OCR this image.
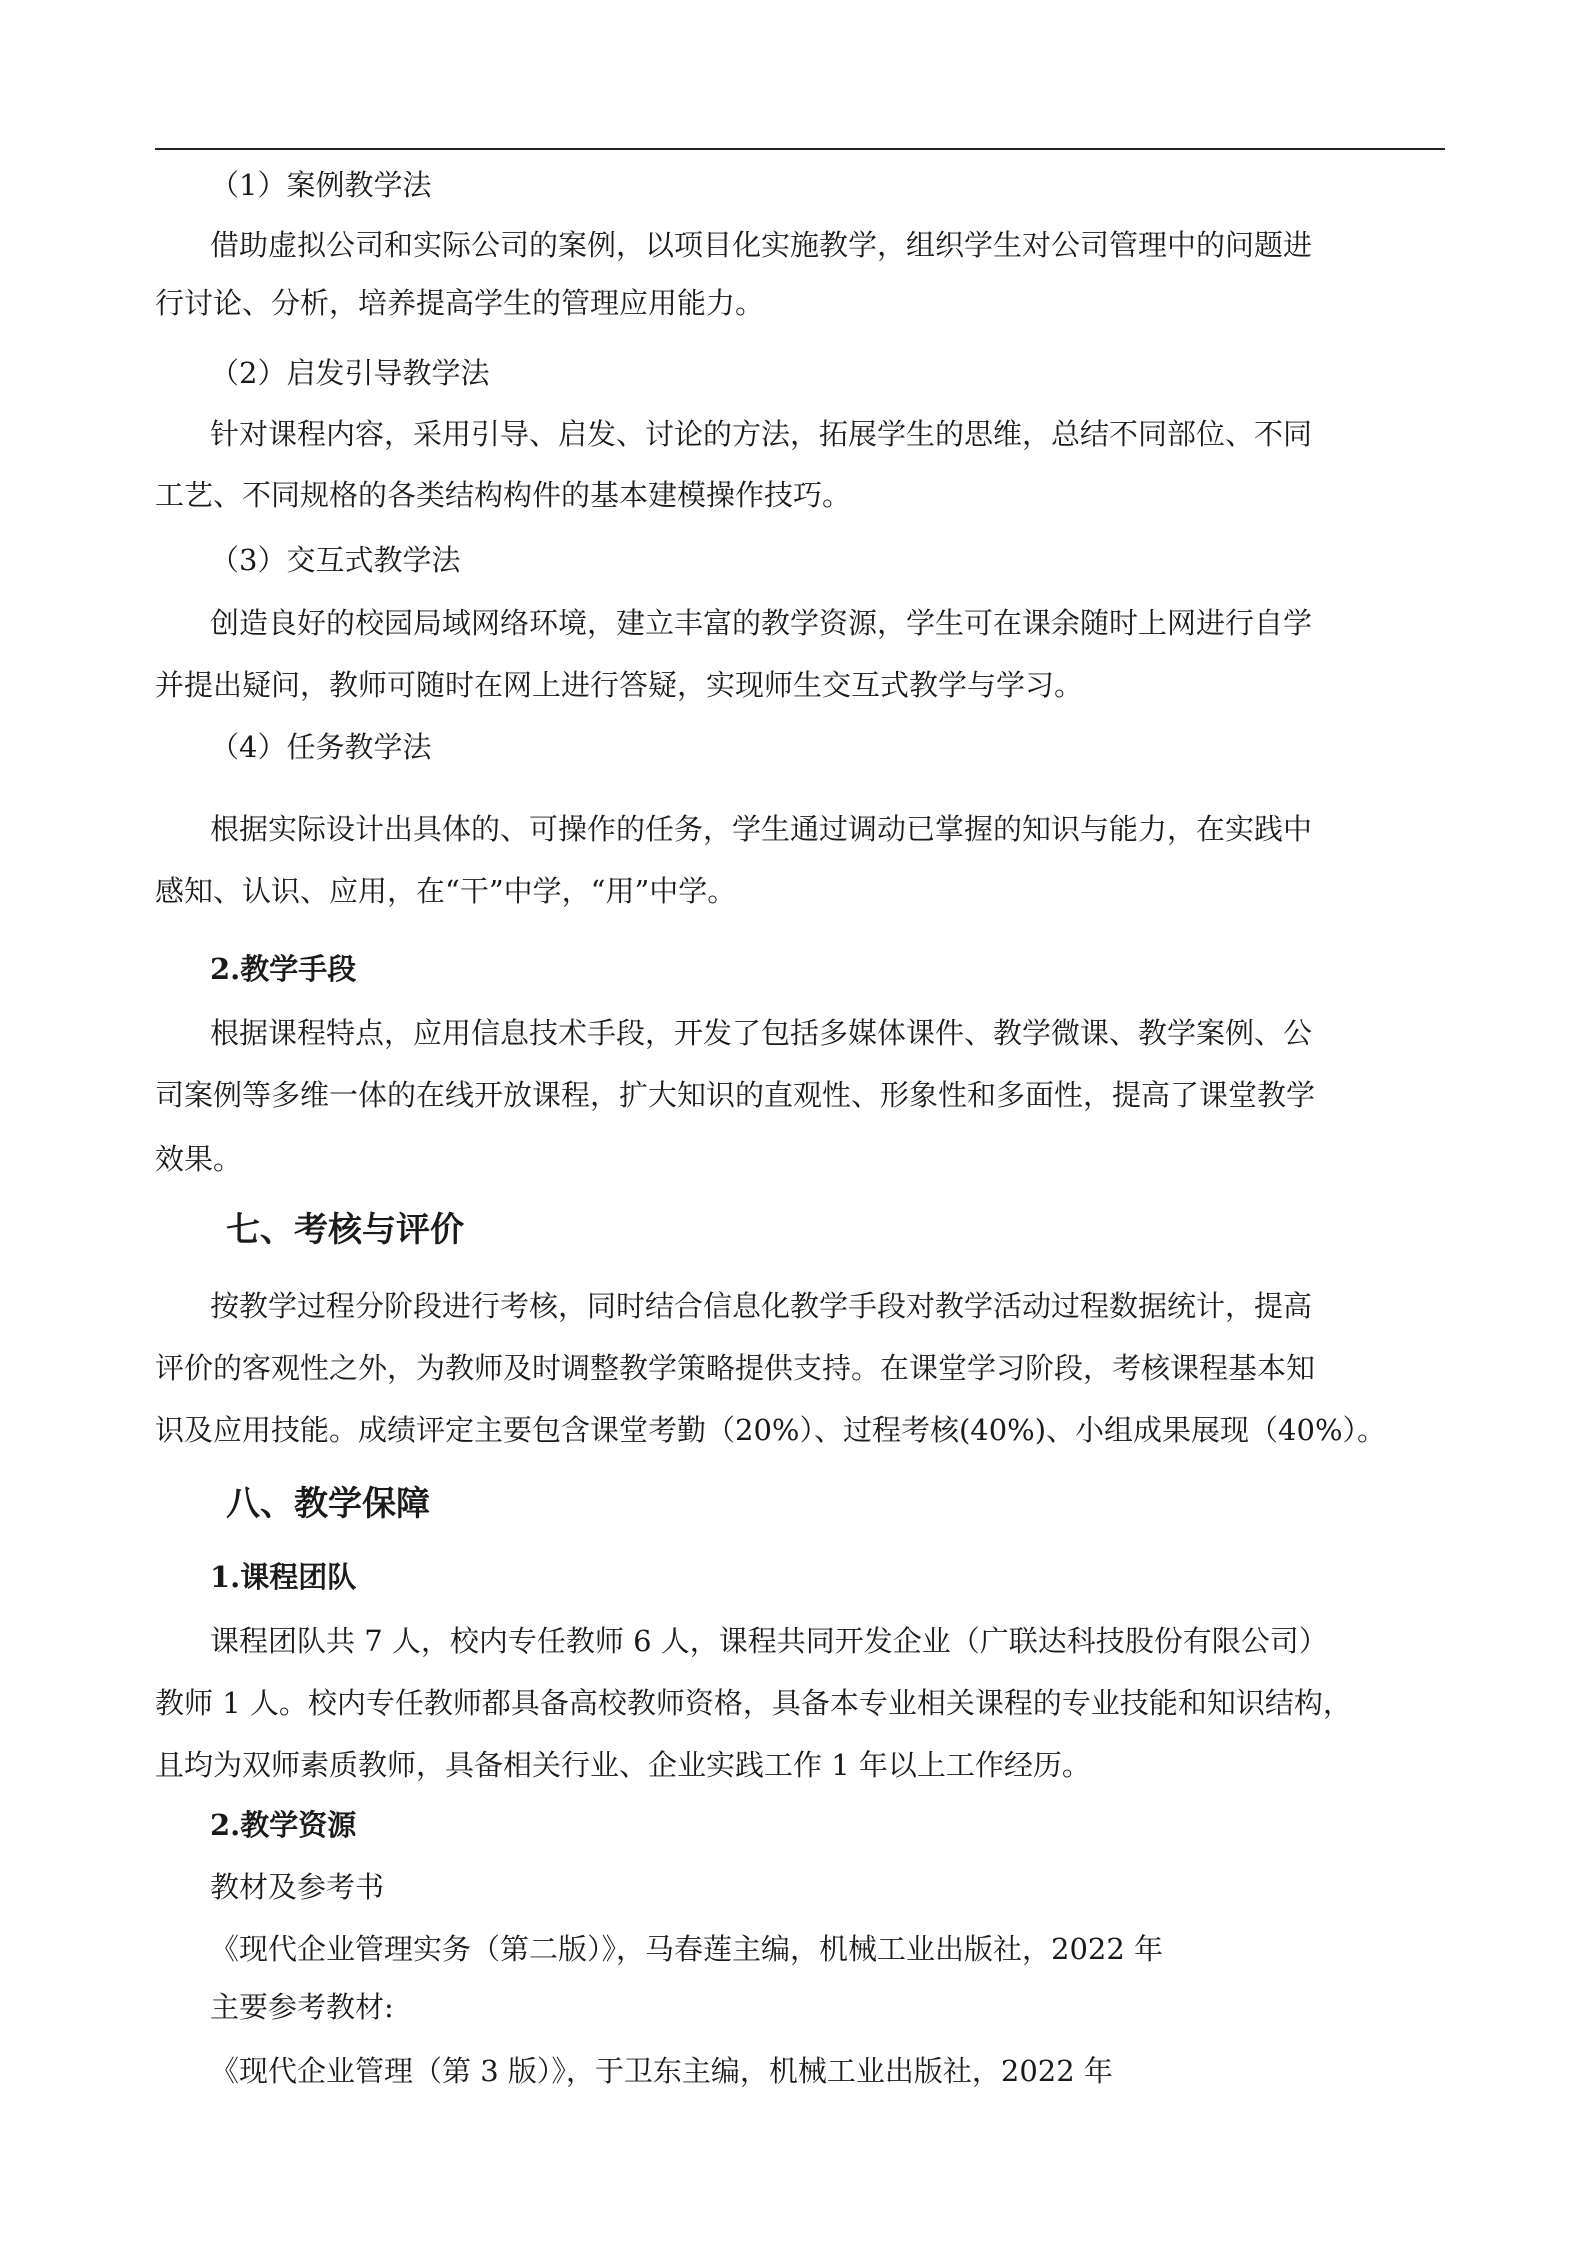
（1）案例教学法
借助虚拟公司和实际公司的案例，以项目化实施教学，组织学生对公司管理中的问题进
行讨论、分析，培养提高学生的管理应用能力。
（2）启发引导教学法
针对课程内容，采用引导、启发、讨论的方法，拓展学生的思维，总结不同部位、不同
工艺、不同规格的各类结构构件的基本建模操作技巧。
（3）交互式教学法
创造良好的校园局域网络环境，建立丰富的教学资源，学生可在课余随时上网进行自学
并提出疑问，教师可随时在网上进行答疑，实现师生交互式教学与学习。
（4）任务教学法
根据实际设计出具体的、可操作的任务，学生通过调动已掌握的知识与能力，在实践中
感知、认识、应用，在“干”中学，“用”中学。
2.教学手段
根据课程特点，应用信息技术手段，开发了包括多媒体课件、教学微课、教学案例、公
司案例等多维一体的在线开放课程，扩大知识的直观性、形象性和多面性，提高了课堂教学
效果。
七、考核与评价
按教学过程分阶段进行考核，同时结合信息化教学手段对教学活动过程数据统计，提高
评价的客观性之外，为教师及时调整教学策略提供支持。在课堂学习阶段，考核课程基本知
识及应用技能。成绩评定主要包含课堂考勤（20%）、过程考核(40%)、小组成果展现（40%）。
八、教学保障
1.课程团队
课程团队共 7 人，校内专任教师 6 人，课程共同开发企业（广联达科技股份有限公司）
教师 1 人。校内专任教师都具备高校教师资格，具备本专业相关课程的专业技能和知识结构，
且均为双师素质教师，具备相关行业、企业实践工作 1 年以上工作经历。
2.教学资源
教材及参考书
《现代企业管理实务（第二版）》，马春莲主编，机械工业出版社，2022 年
主要参考教材:
《现代企业管理（第 3 版）》，于卫东主编，机械工业出版社，2022 年
